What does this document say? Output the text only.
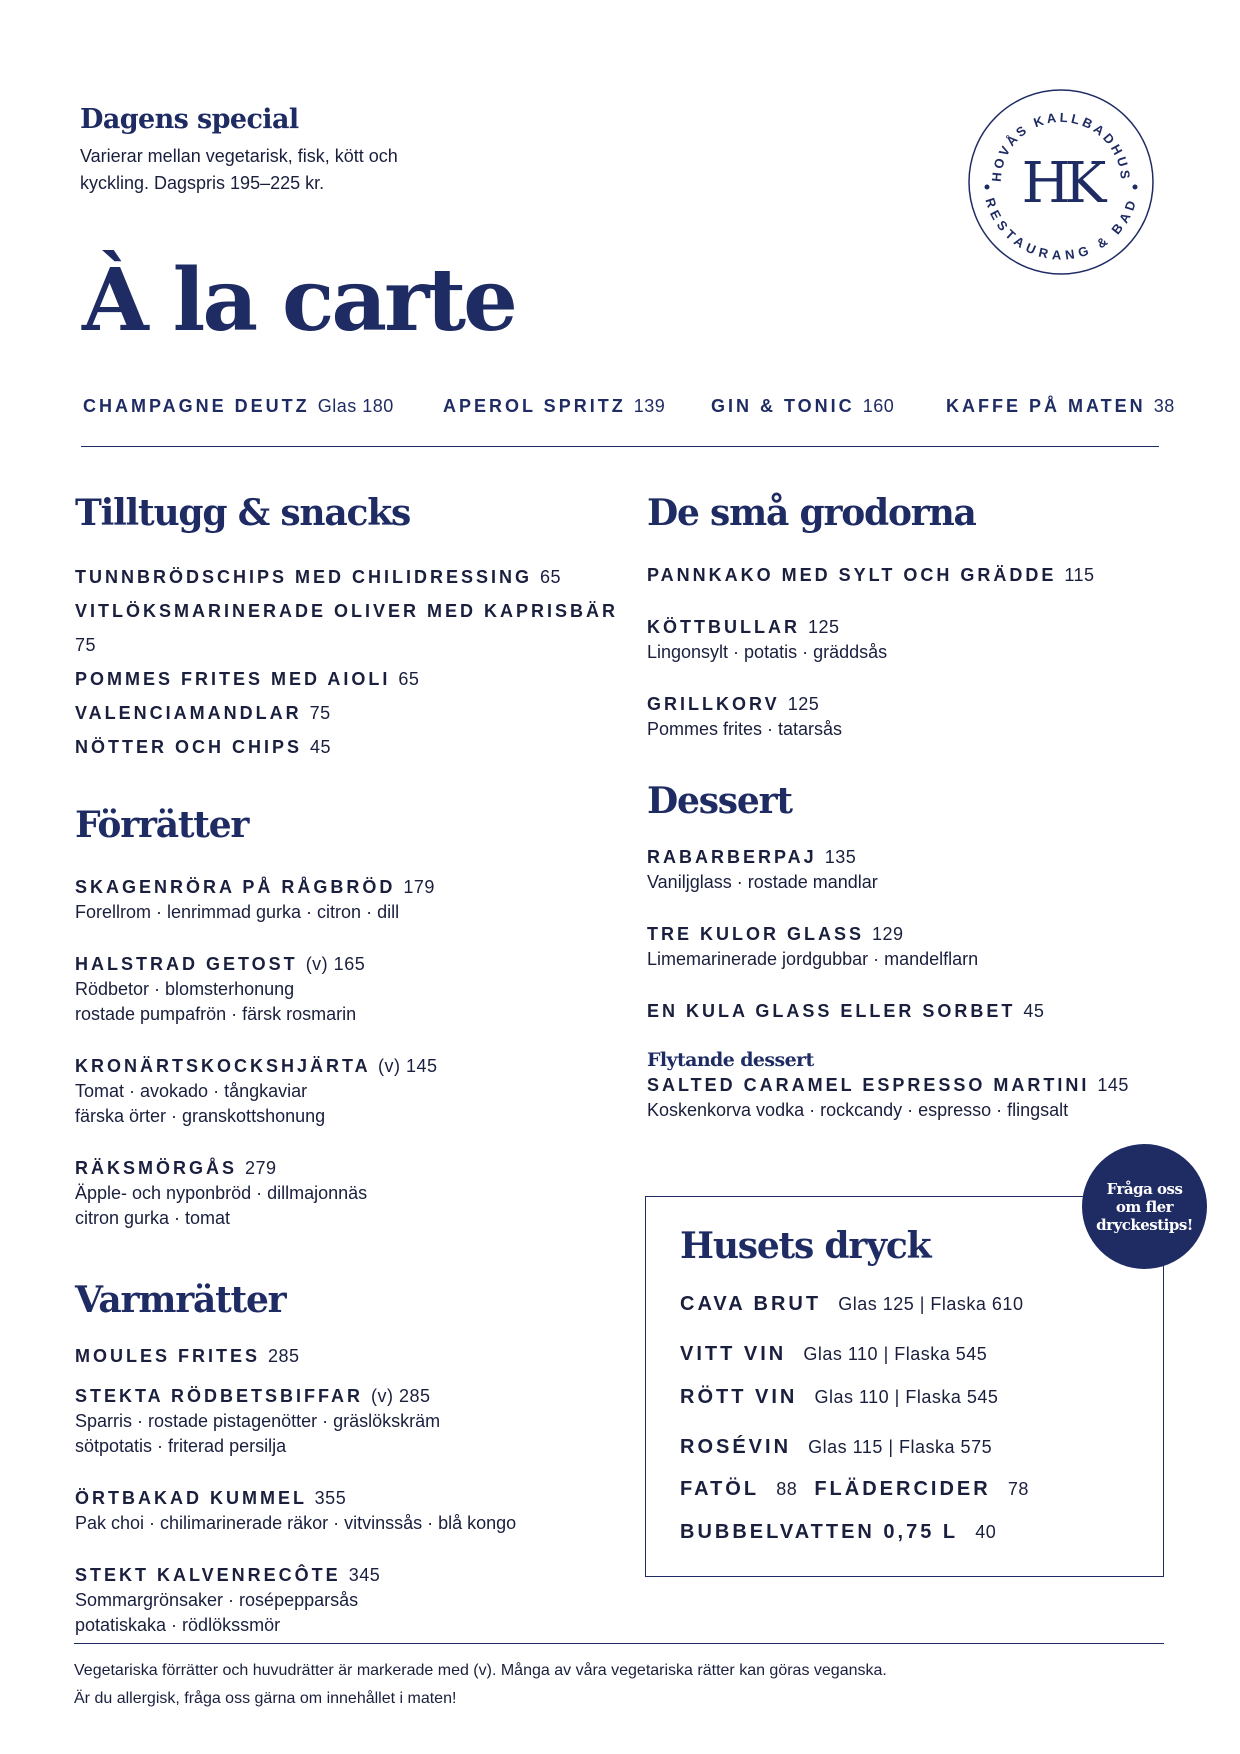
Dagens special
Varierar mellan vegetarisk, fisk, kött och kyckling. Dagspris 195–225 kr.	HOVÅS KALLBADHUS
RESTAURANG & BAD
HK
À la carte
CHAMPAGNE DEUTZ Glas 180	APEROL SPRITZ 139	GIN & TONIC 160	KAFFE PÅ MATEN 38
Tilltugg & snacks
TUNNBRÖDSCHIPS MED CHILIDRESSING 65
VITLÖKSMARINERADE OLIVER MED KAPRISBÄR 75
POMMES FRITES MED AIOLI 65
VALENCIAMANDLAR 75
NÖTTER OCH CHIPS 45
Förrätter
SKAGENRÖRA PÅ RÅGBRÖD 179
Forellrom · lenrimmad gurka · citron · dill
HALSTRAD GETOST (v) 165
Rödbetor · blomsterhonung
rostade pumpafrön · färsk rosmarin
KRONÄRTSKOCKSHJÄRTA (v) 145
Tomat · avokado · tångkaviar
färska örter · granskottshonung
RÄKSMÖRGÅS 279
Äpple- och nyponbröd · dillmajonnäs
citron gurka · tomat
Varmrätter
MOULES FRITES 285
STEKTA RÖDBETSBIFFAR (v) 285
Sparris · rostade pistagenötter · gräslökskräm
sötpotatis · friterad persilja
ÖRTBAKAD KUMMEL 355
Pak choi · chilimarinerade räkor · vitvinssås · blå kongo
STEKT KALVENRECÔTE 345
Sommargrönsaker · rosépepparsås
potatiskaka · rödlökssmör
De små grodorna
PANNKAKO MED SYLT OCH GRÄDDE 115
KÖTTBULLAR 125
Lingonsylt · potatis · gräddsås
GRILLKORV 125
Pommes frites · tatarsås
Dessert
RABARBERPAJ 135
Vaniljglass · rostade mandlar
TRE KULOR GLASS 129
Limemarinerade jordgubbar · mandelflarn
EN KULA GLASS ELLER SORBET 45
Flytande dessert
SALTED CARAMEL ESPRESSO MARTINI 145
Koskenkorva vodka · rockcandy · espresso · flingsalt
Husets dryck
CAVA BRUT Glas 125 | Flaska 610
VITT VIN Glas 110 | Flaska 545
RÖTT VIN Glas 110 | Flaska 545
ROSÉVIN Glas 115 | Flaska 575
FATÖL 88 FLÄDERCIDER 78
BUBBELVATTEN 0,75 L 40
Fråga oss om fler dryckestips!
Vegetariska förrätter och huvudrätter är markerade med (v). Många av våra vegetariska rätter kan göras veganska.
Är du allergisk, fråga oss gärna om innehållet i maten!
